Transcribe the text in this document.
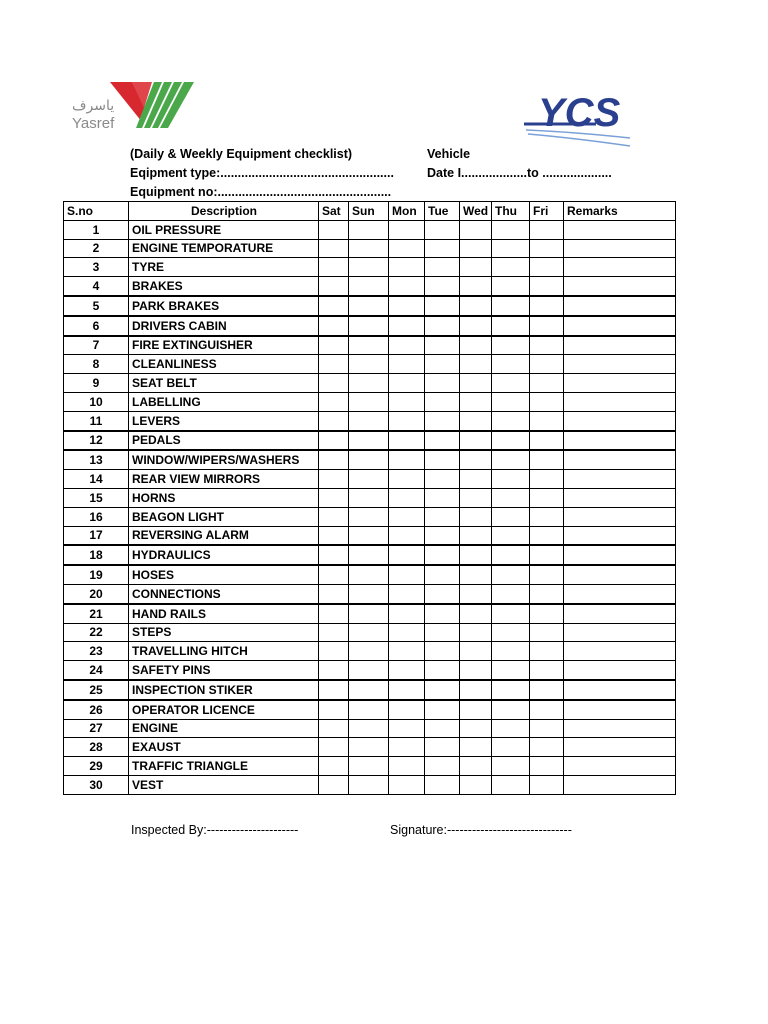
ياسرف
Yasref	YCS
(Daily & Weekly Equipment checklist)
Eqipment type:..................................................
Equipment no:..................................................
Vehicle
Date I...................to ....................
S.no	Description	Sat	Sun	Mon	Tue	Wed	Thu	Fri	Remarks
1	OIL PRESSURE								
2	ENGINE TEMPORATURE								
3	TYRE								
4	BRAKES								
5	PARK BRAKES								
6	DRIVERS CABIN								
7	FIRE EXTINGUISHER								
8	CLEANLINESS								
9	SEAT BELT								
10	LABELLING								
11	LEVERS								
12	PEDALS								
13	WINDOW/WIPERS/WASHERS								
14	REAR VIEW MIRRORS								
15	HORNS								
16	BEAGON LIGHT								
17	REVERSING ALARM								
18	HYDRAULICS								
19	HOSES								
20	CONNECTIONS								
21	HAND RAILS								
22	STEPS								
23	TRAVELLING HITCH								
24	SAFETY PINS								
25	INSPECTION STIKER								
26	OPERATOR LICENCE								
27	ENGINE								
28	EXAUST								
29	TRAFFIC TRIANGLE								
30	VEST								
Inspected By:----------------------	Signature:------------------------------
